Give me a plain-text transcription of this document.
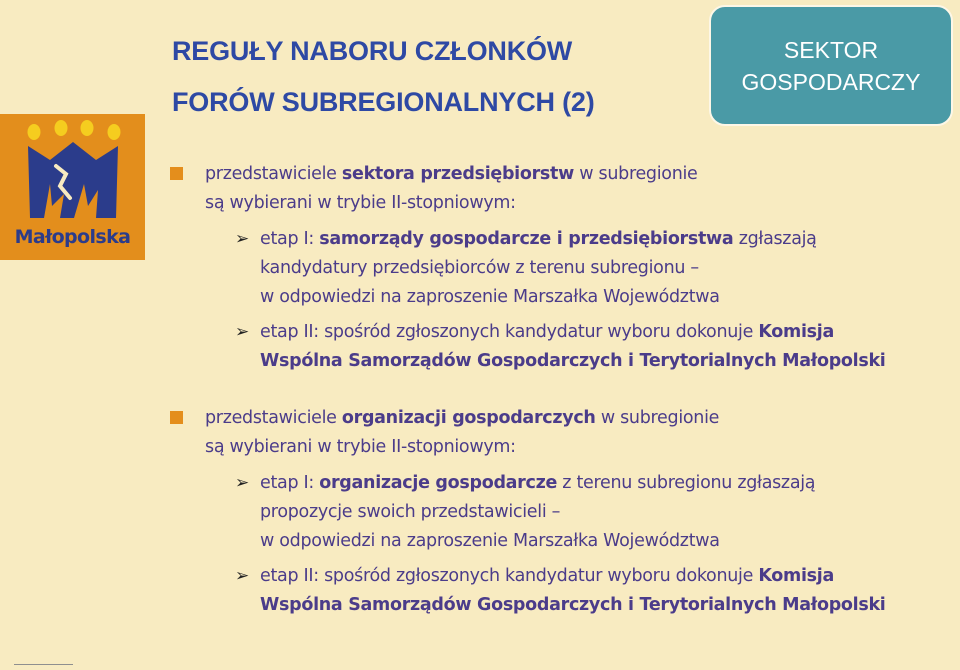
REGUŁY NABORU CZŁONKÓW
FORÓW SUBREGIONALNYCH (2)
SEKTOR
GOSPODARCZY
Małopolska
przedstawiciele sektora przedsiębiorstw w subregionie
są wybierani w trybie II-stopniowym:
➢ etap I: samorządy gospodarcze i przedsiębiorstwa zgłaszają
kandydatury przedsiębiorców z terenu subregionu –
w odpowiedzi na zaproszenie Marszałka Województwa
➢ etap II: spośród zgłoszonych kandydatur wyboru dokonuje Komisja
Wspólna Samorządów Gospodarczych i Terytorialnych Małopolski
przedstawiciele organizacji gospodarczych w subregionie
są wybierani w trybie II-stopniowym:
➢ etap I: organizacje gospodarcze z terenu subregionu zgłaszają
propozycje swoich przedstawicieli –
w odpowiedzi na zaproszenie Marszałka Województwa
➢ etap II: spośród zgłoszonych kandydatur wyboru dokonuje Komisja
Wspólna Samorządów Gospodarczych i Terytorialnych Małopolski
